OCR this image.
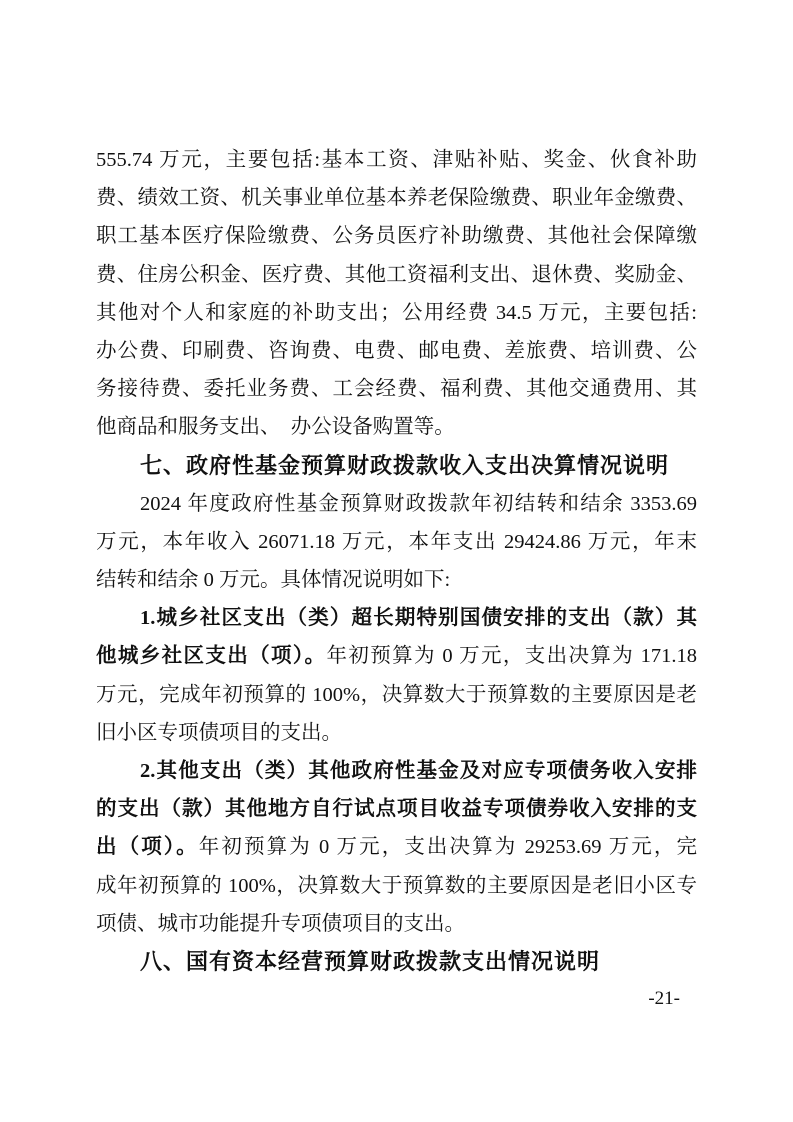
555.74 万元，主要包括:基本工资、津贴补贴、奖金、伙食补助
费、绩效工资、机关事业单位基本养老保险缴费、职业年金缴费、
职工基本医疗保险缴费、公务员医疗补助缴费、其他社会保障缴
费、住房公积金、医疗费、其他工资福利支出、退休费、奖励金、
其他对个人和家庭的补助支出；公用经费 34.5 万元，主要包括:
办公费、印刷费、咨询费、电费、邮电费、差旅费、培训费、公
务接待费、委托业务费、工会经费、福利费、其他交通费用、其
他商品和服务支出、　办公设备购置等。
七、政府性基金预算财政拨款收入支出决算情况说明
2024 年度政府性基金预算财政拨款年初结转和结余 3353.69
万元，本年收入 26071.18 万元，本年支出 29424.86 万元，年末
结转和结余 0 万元。具体情况说明如下:
1.城乡社区支出（类）超长期特别国债安排的支出（款）其
他城乡社区支出（项）。年初预算为 0 万元，支出决算为 171.18
万元，完成年初预算的 100%，决算数大于预算数的主要原因是老
旧小区专项债项目的支出。
2.其他支出（类）其他政府性基金及对应专项债务收入安排
的支出（款）其他地方自行试点项目收益专项债券收入安排的支
出（项）。年初预算为 0 万元，支出决算为 29253.69 万元，完
成年初预算的 100%，决算数大于预算数的主要原因是老旧小区专
项债、城市功能提升专项债项目的支出。
八、国有资本经营预算财政拨款支出情况说明
-21-
